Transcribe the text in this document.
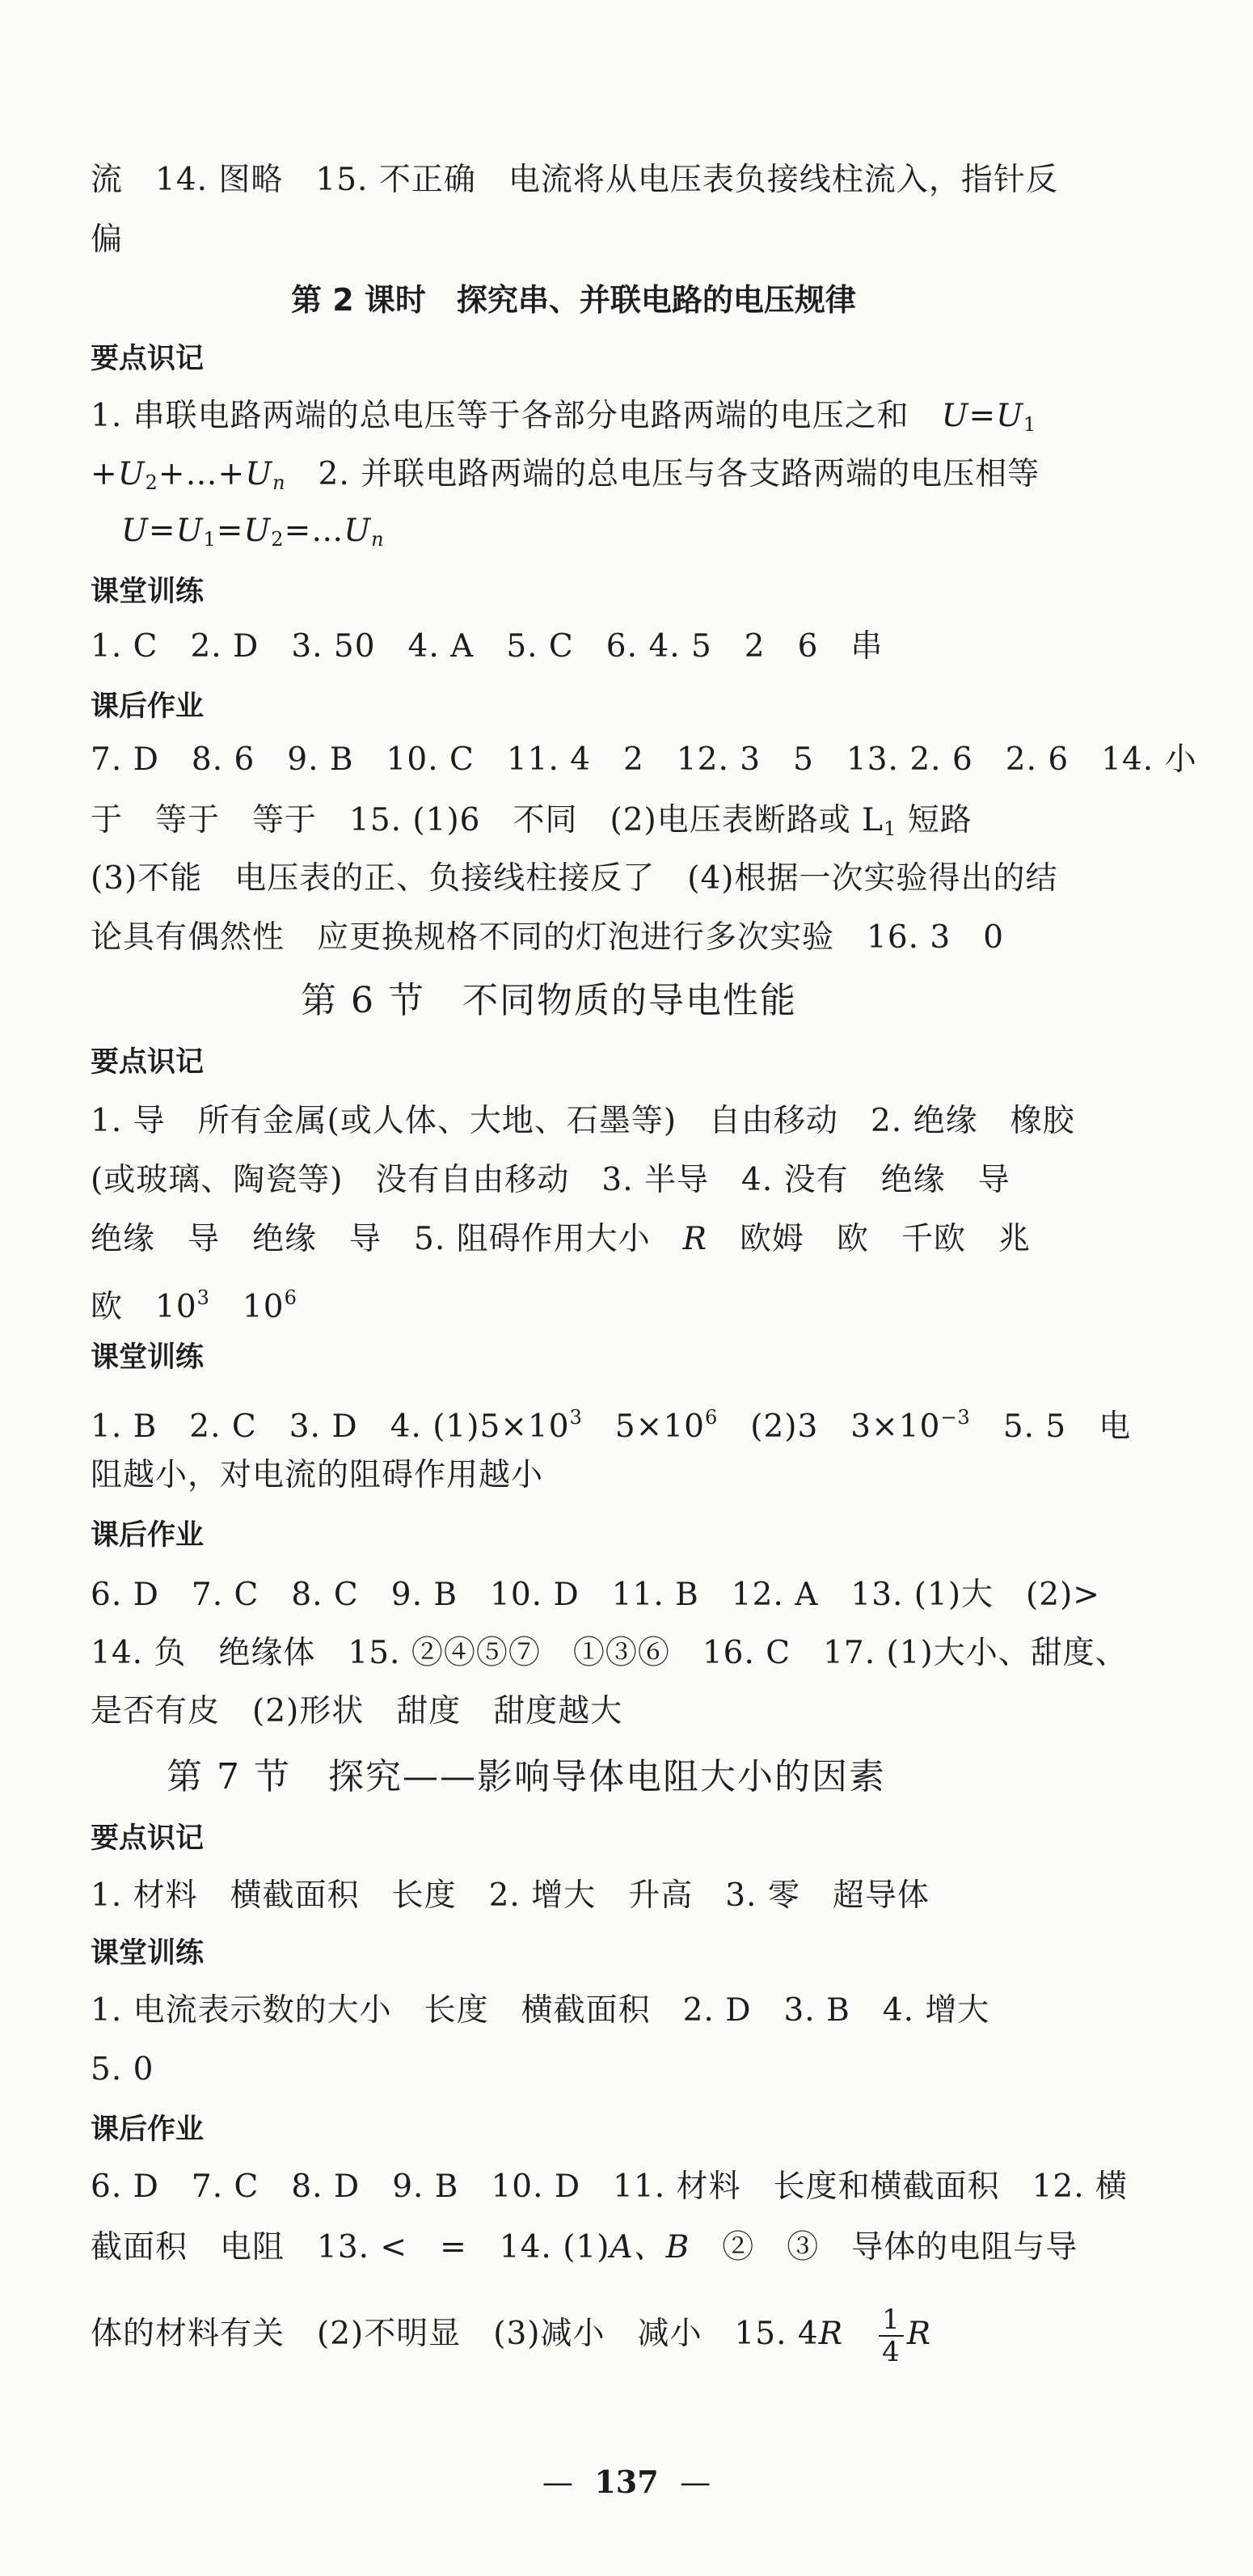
流　14. 图略　15. 不正确　电流将从电压表负接线柱流入，指针反

偏

第 2 课时　探究串、并联电路的电压规律

要点识记

1. 串联电路两端的总电压等于各部分电路两端的电压之和　U=U1

$+U2+\dots+U_n$　2. 并联电路两端的总电压与各支路两端的电压相等

$U=U1=U2=\dots U_n$

课堂训练

1. C　2. D　3. 50　4. A　5. C　6. 4. 5　2　6　串

课后作业

7. D　8. 6　9. B　10. C　11. 4　2　12. 3　5　13. 2. 6　2. 6　14. 小

于　等于　等于　15. (1)6　不同　(2)电压表断路或 L1 短路

(3)不能　电压表的正、负接线柱接反了　(4)根据一次实验得出的结

论具有偶然性　应更换规格不同的灯泡进行多次实验　16. 3　0

第 6 节　不同物质的导电性能

要点识记

1. 导　所有金属(或人体、大地、石墨等)　自由移动　2. 绝缘　橡胶

(或玻璃、陶瓷等)　没有自由移动　3. 半导　4. 没有　绝缘　导

绝缘　导　绝缘　导　5. 阻碍作用大小　R　欧姆　欧　千欧　兆

欧　$10^3$　$10^6$

课堂训练

1. B　2. C　3. D　4. $(1)5\times 10^3$　$5\times 10^6$　(2)3　$3\times 10^{-3}$　5. 5　电

阻越小，对电流的阻碍作用越小

课后作业

6. D　7. C　8. C　9. B　10. D　11. B　12. A　13. (1)大　(2)>

14. 负　绝缘体　15. ②④⑤⑦　①③⑥　16. C　17. (1)大小、甜度、

是否有皮　(2)形状　甜度　甜度越大

第 7 节　探究——影响导体电阻大小的因素

要点识记

1. 材料　横截面积　长度　2. 增大　升高　3. 零　超导体

课堂训练

1. 电流表示数的大小　长度　横截面积　2. D　3. B　4. 增大

5. 0

课后作业

6. D　7. C　8. D　9. B　10. D　11. 材料　长度和横截面积　12. 横

截面积　电阻　13. <　=　14. (1)A、B　②　③　导体的电阻与导

体的材料有关　(2)不明显　(3)减小　减小　15. 4R　 $\frac{1}{4}$ R

— 137 —
